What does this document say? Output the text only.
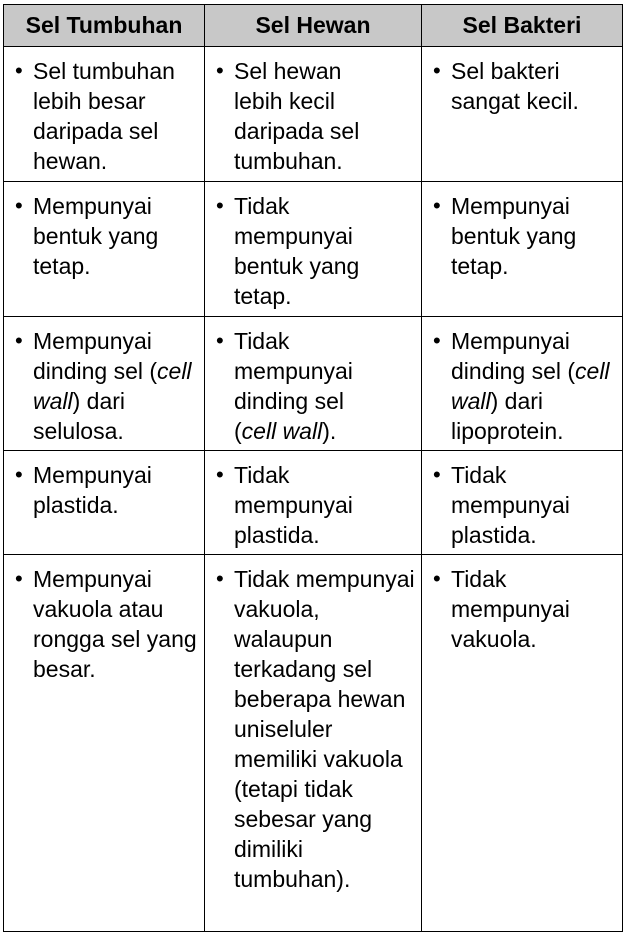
Sel Tumbuhan	Sel Hewan	Sel Bakteri

• Sel tumbuhan lebih besar daripada sel hewan.	• Sel hewan lebih kecil daripada sel tumbuhan.	• Sel bakteri sangat kecil.

• Mempunyai bentuk yang tetap.	• Tidak mempunyai bentuk yang tetap.	• Mempunyai bentuk yang tetap.

• Mempunyai dinding sel (cell wall) dari selulosa.	• Tidak mempunyai dinding sel (cell wall).	• Mempunyai dinding sel (cell wall) dari lipoprotein.

• Mempunyai plastida.	• Tidak mempunyai plastida.	• Tidak mempunyai plastida.

• Mempunyai vakuola atau rongga sel yang besar.	• Tidak mempunyai vakuola, walaupun terkadang sel beberapa hewan uniseluler memiliki vakuola (tetapi tidak sebesar yang dimiliki tumbuhan).	• Tidak mempunyai vakuola.
